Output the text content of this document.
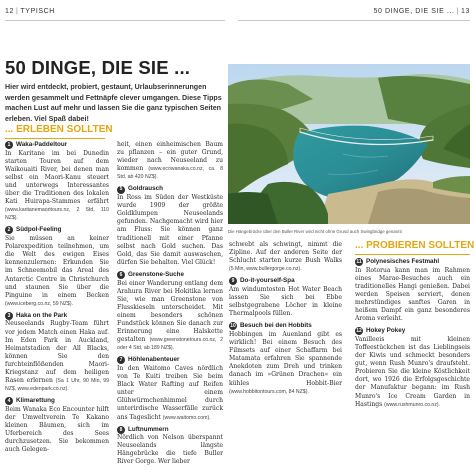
12 | TYPISCH	50 DINGE, DIE SIE ... | 13
50 DINGE, DIE SIE ...

Hier wird entdeckt, probiert, gestaunt, Urlaubserinnerungen werden gesammelt und Fettnäpfe clever umgangen. Diese Tipps machen Lust auf mehr und lassen Sie die ganz typischen Seiten erleben. Viel Spaß dabei!

... ERLEBEN SOLLTEN
1 Waka-Paddeltour

In Karitane im bei Dunedin starten Touren auf dem Waikouaiti River, bei denen man selbst ein Maori-Kanu steuert und unterwegs Interessantes über die Traditionen des lokalen Kati Huirapa-Stammes erfährt (www.karitanemaoritours.nz, 2 Std, 110 NZ$).

2 Südpol-Feeling

Sie müssen an keiner Polarexpedition teilnehmen, um die Welt des ewigen Eises kennenzulernen: Erkunden Sie im Schneemobil das Areal des Antarctic Centre in Christchurch und staunen Sie über die Pinguine in einem Becken (www.iceberg.co.nz, 59 NZ$).

3 Haka on the Park

Neuseelands Rugby-Team führt vor jedem Match einen Haka auf. Im Eden Park in Auckland, Heimatstadion der All Blacks, können Sie den furchteinflößenden Maori-Kriegstanz auf dem heiligen Rasen erlernen (Sa 1 Uhr, 90 Min, 99 NZ$, www.edenpark.co.nz).

4 Klimarettung

Beim Wanaka Eco Encounter hilft der Umweltverein Te Kakano kleinen Bäumen, sich im Uferbereich des Sees durchzusetzen. Sie bekommen auch Gelegen-

heit, einen einheimischen Baum zu pflanzen – ein guter Grund, wieder nach Neuseeland zu kommen (www.ecowanaka.co.nz, ca. 8 Std, ab 420 NZ$).

5 Goldrausch

In Ross im Süden der Westküste wurde 1909 der größte Goldklumpen Neuseelands gefunden. Nachgemacht wird hier am Fluss: Sie können ganz traditionell mit einer Pfanne selbst nach Gold suchen. Das Gold, das Sie damit auswaschen, dürfen Sie behalten. Viel Glück!

6 Greenstone-Suche

Bei einer Wanderung entlang dem Arahura River bei Hokitika lernen Sie, wie man Greenstone von Flusskieseln unterscheidet. Mit einem besonders schönen Fundstück können Sie danach zur Erinnerung eine Halskette gestalten (www.greenstonetours.co.nz, 2 oder 4 Std, ab 189 NZ$).

7 Höhlenabenteuer

In den Waitomo Caves nördlich von Te Kuiti treiben Sie beim Black Water Rafting auf Reifen unter einem Glühwürmchenhimmel durch unterirdische Wasserfälle zurück ans Tageslicht (www.waitomo.com).

8 Luftnummern

Nördlich von Nelson überspannt Neuseelands längste Hängebrücke die tiefe Buller River Gorge. Wer lieber

Die Hängebrücke über den Buller River wird nicht ohne Grund auch Swingbridge genannt

schwebt als schwingt, nimmt die Zipline. Auf der anderen Seite der Schlucht starten kurze Bush Walks (5 Min, www.bullergorge.co.nz).

9 Do-it-yourself-Spa

Am windumtosten Hot Water Beach lassen Sie sich bei Ebbe selbstgegrabene Löcher in kleine Thermalpools füllen.

10 Besuch bei den Hobbits

Hobbingen im Auenland gibt es wirklich! Bei einem Besuch des Filmsets auf einer Schaffarm bei Matamata erfahren Sie spannende Anekdoten zum Dreh und trinken danach im »Grünen Drachen« ein kühles Hobbit-Bier (www.hobbitontours.com, 84 NZ$).

... PROBIEREN SOLLTEN
11 Polynesisches Festmahl

In Rotorua kann man im Rahmen eines Marae-Besuches auch ein traditionelles Hangi genießen. Dabei werden Speisen serviert, denen mehrstündiges sanftes Garen in heißem Dampf ein ganz besonderes Aroma verleiht.

12 Hokey Pokey

Vanilleeis mit kleinen Toffeestückchen ist das Lieblingseis der Kiwis und schmeckt besonders gut, wenn Rush Munro's draufsteht. Probieren Sie die kleine Köstlichkeit dort, wo 1926 die Erfolgsgeschichte der Manufaktur begann: im Rush Munro's Ice Cream Garden in Hastings (www.rushmunro.co.nz).
